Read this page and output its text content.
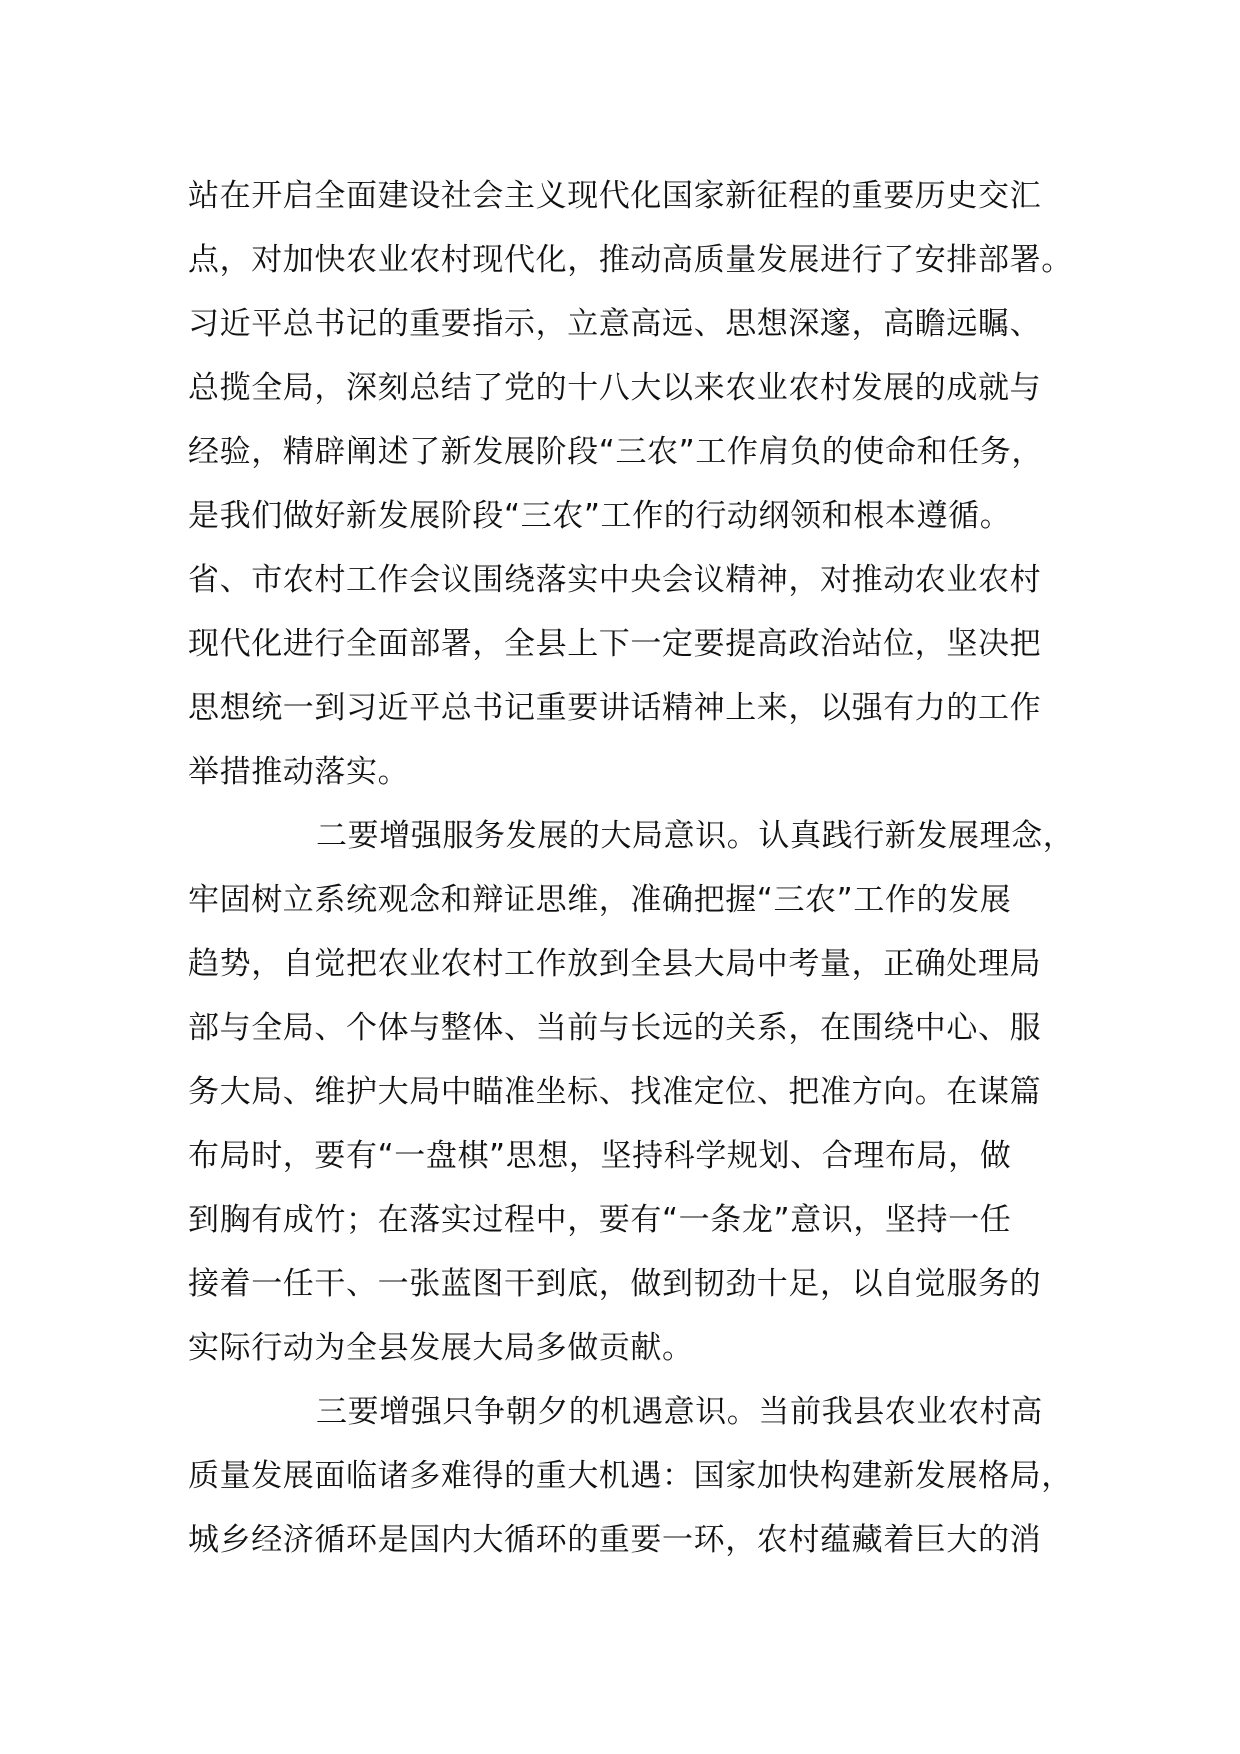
站在开启全面建设社会主义现代化国家新征程的重要历史交汇
点，对加快农业农村现代化，推动高质量发展进行了安排部署。
习近平总书记的重要指示，立意高远、思想深邃，高瞻远瞩、
总揽全局，深刻总结了党的十八大以来农业农村发展的成就与
经验，精辟阐述了新发展阶段“三农”工作肩负的使命和任务，
是我们做好新发展阶段“三农”工作的行动纲领和根本遵循。
省、市农村工作会议围绕落实中央会议精神，对推动农业农村
现代化进行全面部署，全县上下一定要提高政治站位，坚决把
思想统一到习近平总书记重要讲话精神上来，以强有力的工作
举措推动落实。
二要增强服务发展的大局意识。认真践行新发展理念，
牢固树立系统观念和辩证思维，准确把握“三农”工作的发展
趋势，自觉把农业农村工作放到全县大局中考量，正确处理局
部与全局、个体与整体、当前与长远的关系，在围绕中心、服
务大局、维护大局中瞄准坐标、找准定位、把准方向。在谋篇
布局时，要有“一盘棋”思想，坚持科学规划、合理布局，做
到胸有成竹；在落实过程中，要有“一条龙”意识，坚持一任
接着一任干、一张蓝图干到底，做到韧劲十足，以自觉服务的
实际行动为全县发展大局多做贡献。
三要增强只争朝夕的机遇意识。当前我县农业农村高
质量发展面临诸多难得的重大机遇：国家加快构建新发展格局，
城乡经济循环是国内大循环的重要一环，农村蕴藏着巨大的消
